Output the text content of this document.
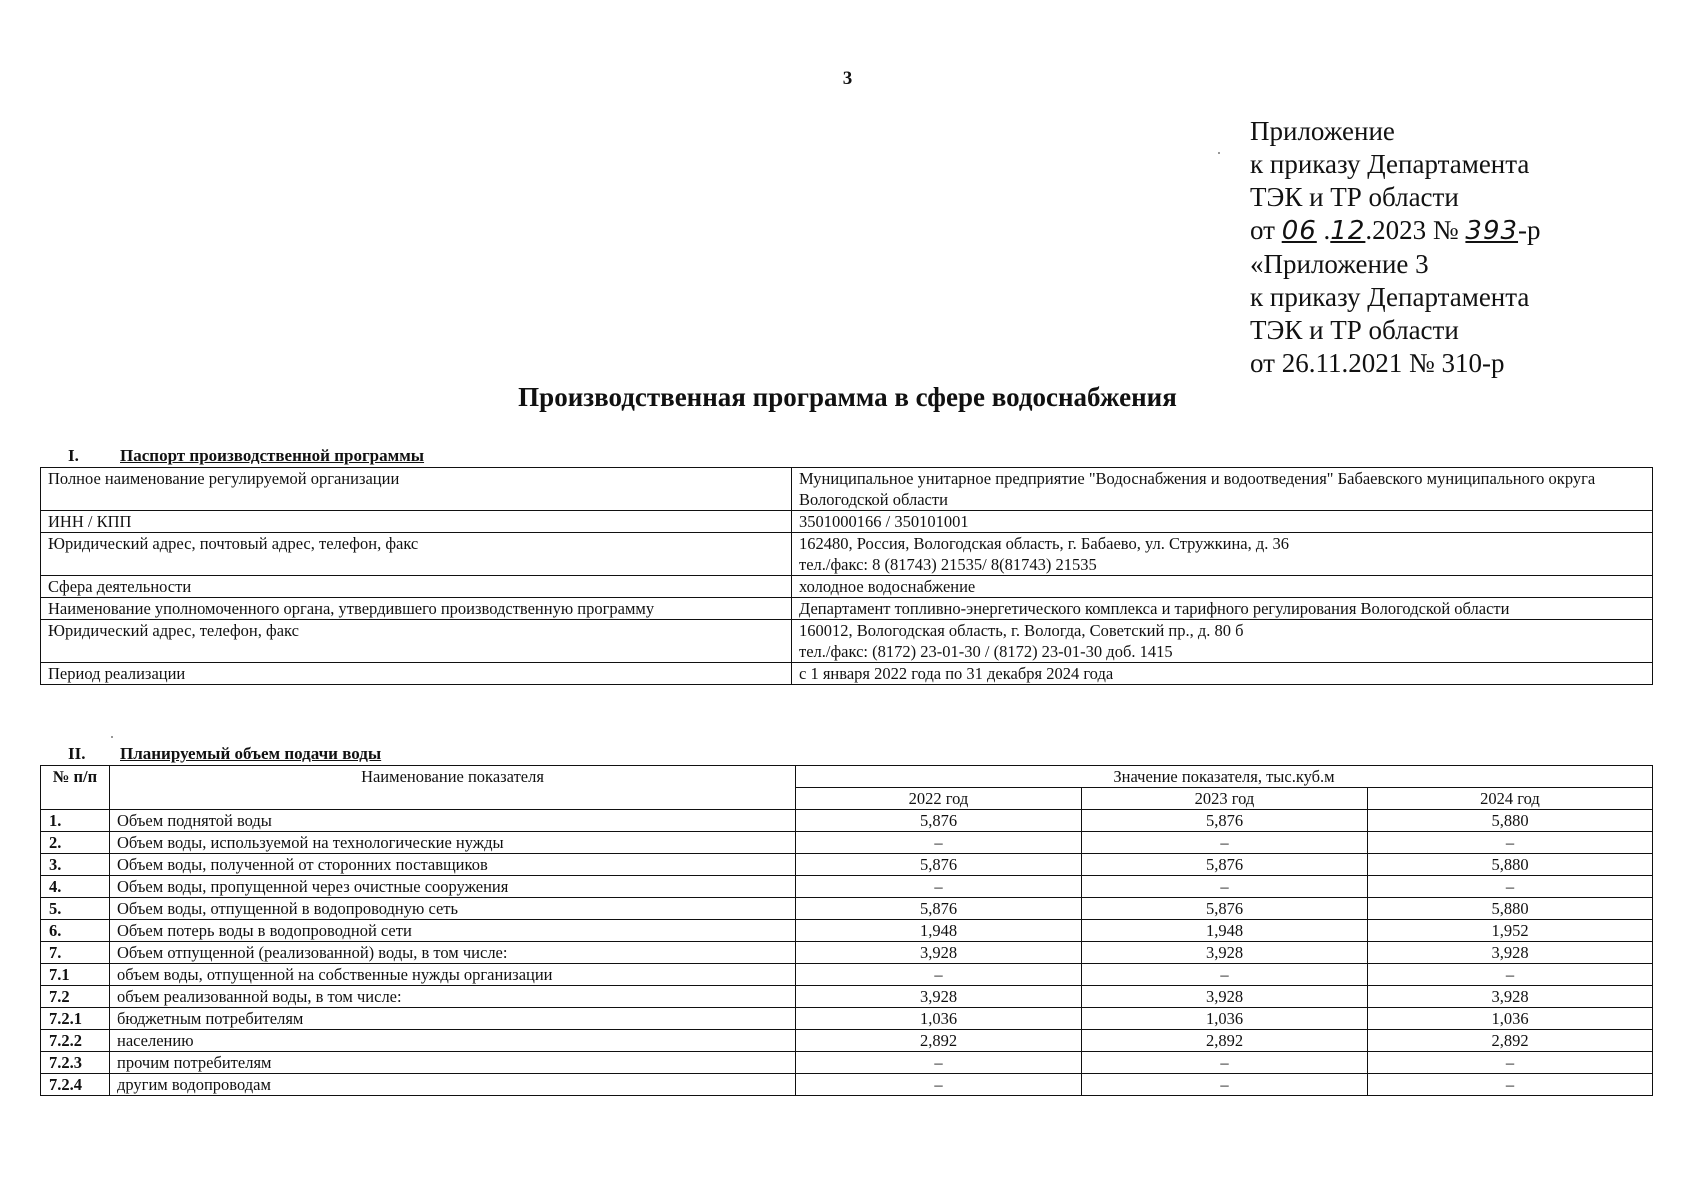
3
Приложение
к приказу Департамента
ТЭК и ТР области
от 06 .12.2023 № 393-р
«Приложение 3
к приказу Департамента
ТЭК и ТР области
от 26.11.2021 № 310-р
Производственная программа в сфере водоснабжения
I. Паспорт производственной программы
Полное наименование регулируемой организации	Муниципальное унитарное предприятие "Водоснабжения и водоотведения" Бабаевского муниципального округа Вологодской области

ИНН / КПП	3501000166 / 350101001

Юридический адрес, почтовый адрес, телефон, факс	162480, Россия, Вологодская область, г. Бабаево, ул. Стружкина, д. 36
тел./факс: 8 (81743) 21535/ 8(81743) 21535

Сфера деятельности	холодное водоснабжение

Наименование уполномоченного органа, утвердившего производственную программу	Департамент топливно-энергетического комплекса и тарифного регулирования Вологодской области

Юридический адрес, телефон, факс	160012, Вологодская область, г. Вологда, Советский пр., д. 80 б
тел./факс: (8172) 23-01-30 / (8172) 23-01-30 доб. 1415

Период реализации	с 1 января 2022 года по 31 декабря 2024 года
II. Планируемый объем подачи воды
№ п/п	Наименование показателя	Значение показателя, тыс.куб.м		
		2022 год	2023 год	2024 год
1.	Объем поднятой воды	5,876	5,876	5,880
2.	Объем воды, используемой на технологические нужды	–	–	–
3.	Объем воды, полученной от сторонних поставщиков	5,876	5,876	5,880
4.	Объем воды, пропущенной через очистные сооружения	–	–	–
5.	Объем воды, отпущенной в водопроводную сеть	5,876	5,876	5,880
6.	Объем потерь воды в водопроводной сети	1,948	1,948	1,952
7.	Объем отпущенной (реализованной) воды, в том числе:	3,928	3,928	3,928
7.1	объем воды, отпущенной на собственные нужды организации	–	–	–
7.2	объем реализованной воды, в том числе:	3,928	3,928	3,928
7.2.1	бюджетным потребителям	1,036	1,036	1,036
7.2.2	населению	2,892	2,892	2,892
7.2.3	прочим потребителям	–	–	–
7.2.4	другим водопроводам	–	–	–
